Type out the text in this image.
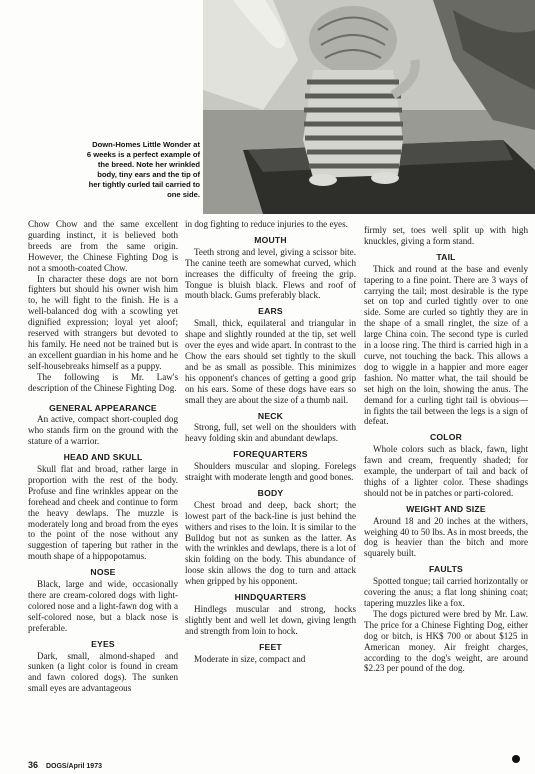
Down-Homes Little Wonder at 6 weeks is a perfect example of the breed. Note her wrinkled body, tiny ears and the tip of her tightly curled tail carried to one side.

Chow Chow and the same excellent guarding instinct, it is believed both breeds are from the same origin. However, the Chinese Fighting Dog is not a smooth-coated Chow.

In character these dogs are not born fighters but should his owner wish him to, he will fight to the finish. He is a well-balanced dog with a scowling yet dignified expression; loyal yet aloof; reserved with strangers but devoted to his family. He need not be trained but is an excellent guardian in his home and he self-housebreaks himself as a puppy.

The following is Mr. Law's description of the Chinese Fighting Dog.

GENERAL APPEARANCE

An active, compact short-coupled dog who stands firm on the ground with the stature of a warrior.

HEAD AND SKULL

Skull flat and broad, rather large in proportion with the rest of the body. Profuse and fine wrinkles appear on the forehead and cheek and continue to form the heavy dewlaps. The muzzle is moderately long and broad from the eyes to the point of the nose without any suggestion of tapering but rather in the mouth shape of a hippopotamus.

NOSE

Black, large and wide, occasionally there are cream-colored dogs with light-colored nose and a light-fawn dog with a self-colored nose, but a black nose is preferable.

EYES

Dark, small, almond-shaped and sunken (a light color is found in cream and fawn colored dogs). The sunken small eyes are advantageous

in dog fighting to reduce injuries to the eyes.

MOUTH

Teeth strong and level, giving a scissor bite. The canine teeth are somewhat curved, which increases the difficulty of freeing the grip. Tongue is bluish black. Flews and roof of mouth black. Gums preferably black.

EARS

Small, thick, equilateral and triangular in shape and slightly rounded at the tip, set well over the eyes and wide apart. In contrast to the Chow the ears should set tightly to the skull and be as small as possible. This minimizes his opponent's chances of getting a good grip on his ears. Some of these dogs have ears so small they are about the size of a thumb nail.

NECK

Strong, full, set well on the shoulders with heavy folding skin and abundant dewlaps.

FOREQUARTERS

Shoulders muscular and sloping. Forelegs straight with moderate length and good bones.

BODY

Chest broad and deep, back short; the lowest part of the back-line is just behind the withers and rises to the loin. It is similar to the Bulldog but not as sunken as the latter. As with the wrinkles and dewlaps, there is a lot of skin folding on the body. This abundance of loose skin allows the dog to turn and attack when gripped by his opponent.

HINDQUARTERS

Hindlegs muscular and strong, hocks slightly bent and well let down, giving length and strength from loin to hock.

FEET

Moderate in size, compact and

firmly set, toes well split up with high knuckles, giving a form stand.

TAIL

Thick and round at the base and evenly tapering to a fine point. There are 3 ways of carrying the tail; most desirable is the type set on top and curled tightly over to one side. Some are curled so tightly they are in the shape of a small ringlet, the size of a large China coin. The second type is curled in a loose ring. The third is carried high in a curve, not touching the back. This allows a dog to wiggle in a happier and more eager fashion. No matter what, the tail should be set high on the loin, showing the anus. The demand for a curling tight tail is obvious—in fights the tail between the legs is a sign of defeat.

COLOR

Whole colors such as black, fawn, light fawn and cream, frequently shaded; for example, the underpart of tail and back of thighs of a lighter color. These shadings should not be in patches or parti-colored.

WEIGHT AND SIZE

Around 18 and 20 inches at the withers, weighing 40 to 50 lbs. As in most breeds, the dog is heavier than the bitch and more squarely built.

FAULTS

Spotted tongue; tail carried horizontally or covering the anus; a flat long shining coat; tapering muzzles like a fox.

The dogs pictured were bred by Mr. Law. The price for a Chinese Fighting Dog, either dog or bitch, is HK$ 700 or about $125 in American money. Air freight charges, according to the dog's weight, are around $2.23 per pound of the dog.

36 DOGS/April 1973
